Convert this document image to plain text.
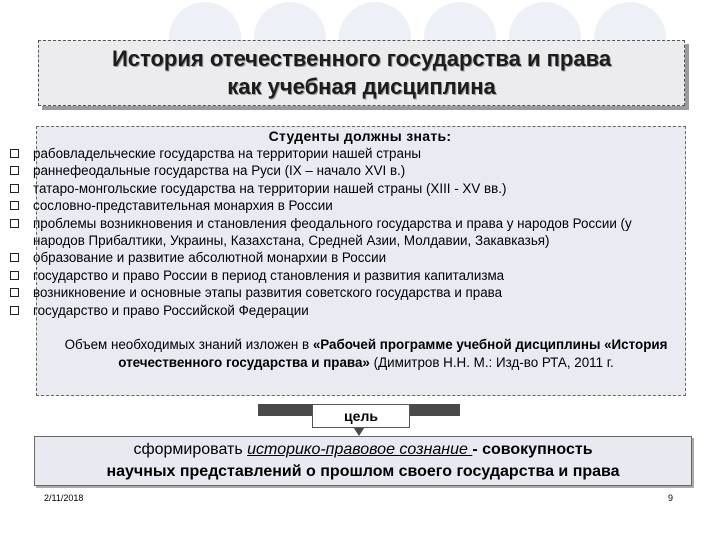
История отечественного государства и права
как учебная дисциплина
Студенты должны знать:
рабовладельческие государства на территории нашей страны
раннефеодальные государства на Руси (IX – начало XVI в.)
татаро-монгольские государства на территории нашей страны (XIII - XV вв.)
сословно-представительная монархия в России
проблемы возникновения и становления феодального государства и права у народов России (у народов Прибалтики, Украины, Казахстана, Средней Азии, Молдавии, Закавказья)
образование и развитие абсолютной монархии в России
государство и право России в период становления и развития капитализма
возникновение и основные этапы развития советского государства и права
государство и право Российской Федерации
Объем необходимых знаний изложен в «Рабочей программе учебной дисциплины «История отечественного государства и права» (Димитров Н.Н. М.: Изд-во РТА, 2011 г.
цель
сформировать историко-правовое сознание - совокупность
научных представлений о прошлом своего государства и права
2/11/2018	9
